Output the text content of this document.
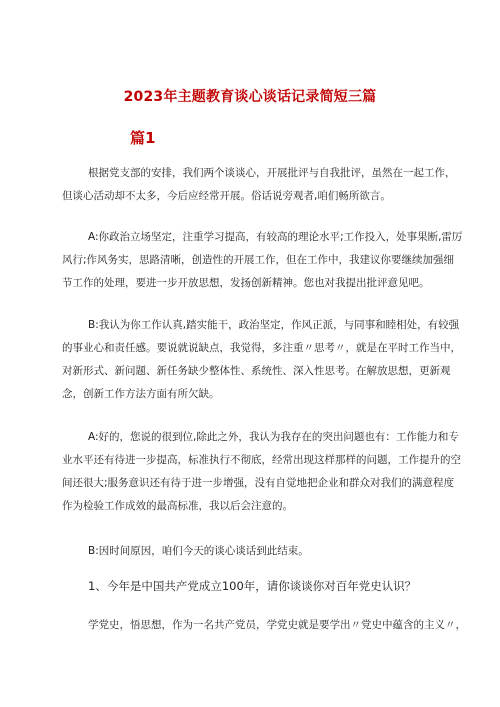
2023年主题教育谈心谈话记录简短三篇
篇1
根据党支部的安排，我们两个谈谈心，开展批评与自我批评，虽然在一起工作，
但谈心活动却不太多，今后应经常开展。俗话说旁观者,咱们畅所欲言。
A:你政治立场坚定，注重学习提高，有较高的理论水平;工作投入，处事果断,雷厉
风行;作风务实，思路清晰，创造性的开展工作，但在工作中，我建议你要继续加强细
节工作的处理，要进一步开放思想，发扬创新精神。您也对我提出批评意见吧。
B:我认为你工作认真,踏实能干，政治坚定，作风正派，与同事和睦相处，有较强
的事业心和责任感。要说就说缺点，我觉得，多注重〃思考〃，就是在平时工作当中，
对新形式、新问题、新任务缺少整体性、系统性、深入性思考。在解放思想，更新观
念，创新工作方法方面有所欠缺。
A:好的，您说的很到位,除此之外，我认为我存在的突出问题也有：工作能力和专
业水平还有待进一步提高，标准执行不彻底，经常出现这样那样的问题，工作提升的空
间还很大;服务意识还有待于进一步增强，没有自觉地把企业和群众对我们的满意程度
作为检验工作成效的最高标准，我以后会注意的。
B:因时间原因，咱们今天的谈心谈话到此结束。
1、今年是中国共产党成立100年，请你谈谈你对百年党史认识？
学党史，悟思想，作为一名共产党员，学党史就是要学出〃党史中蕴含的主义〃，
